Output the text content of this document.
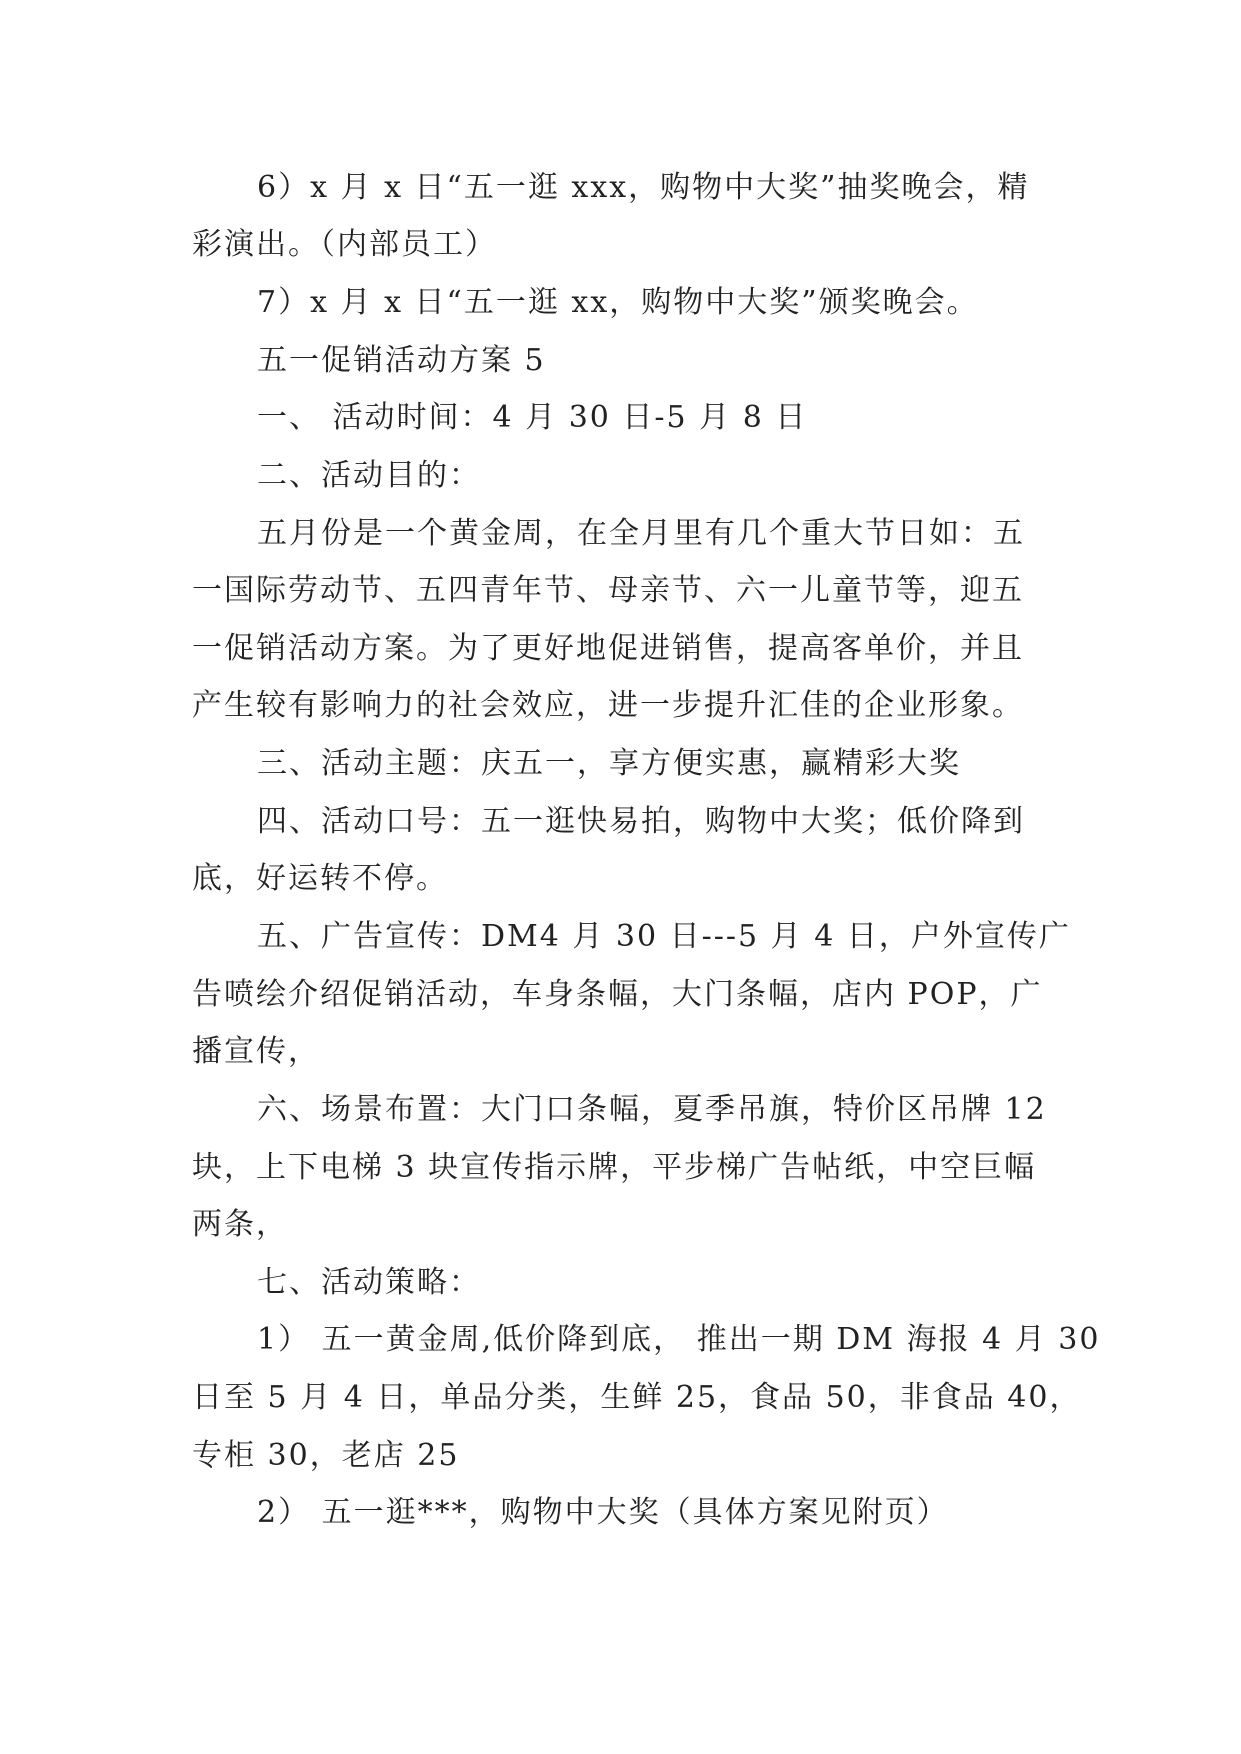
6）x 月 x 日“五一逛 xxx，购物中大奖”抽奖晚会，精
彩演出。（内部员工）
7）x 月 x 日“五一逛 xx，购物中大奖”颁奖晚会。
五一促销活动方案 5
一、 活动时间：4 月 30 日-5 月 8 日
二、活动目的：
五月份是一个黄金周，在全月里有几个重大节日如：五
一国际劳动节、五四青年节、母亲节、六一儿童节等，迎五
一促销活动方案。为了更好地促进销售，提高客单价，并且
产生较有影响力的社会效应，进一步提升汇佳的企业形象。
三、活动主题：庆五一，享方便实惠，赢精彩大奖
四、活动口号：五一逛快易拍，购物中大奖；低价降到
底，好运转不停。
五、广告宣传：DM4 月 30 日---5 月 4 日，户外宣传广
告喷绘介绍促销活动，车身条幅，大门条幅，店内 POP，广
播宣传，
六、场景布置：大门口条幅，夏季吊旗，特价区吊牌 12
块，上下电梯 3 块宣传指示牌，平步梯广告帖纸，中空巨幅
两条，
七、活动策略：
1） 五一黄金周,低价降到底， 推出一期 DM 海报 4 月 30
日至 5 月 4 日，单品分类，生鲜 25，食品 50，非食品 40，
专柜 30，老店 25
2） 五一逛***，购物中大奖（具体方案见附页）
